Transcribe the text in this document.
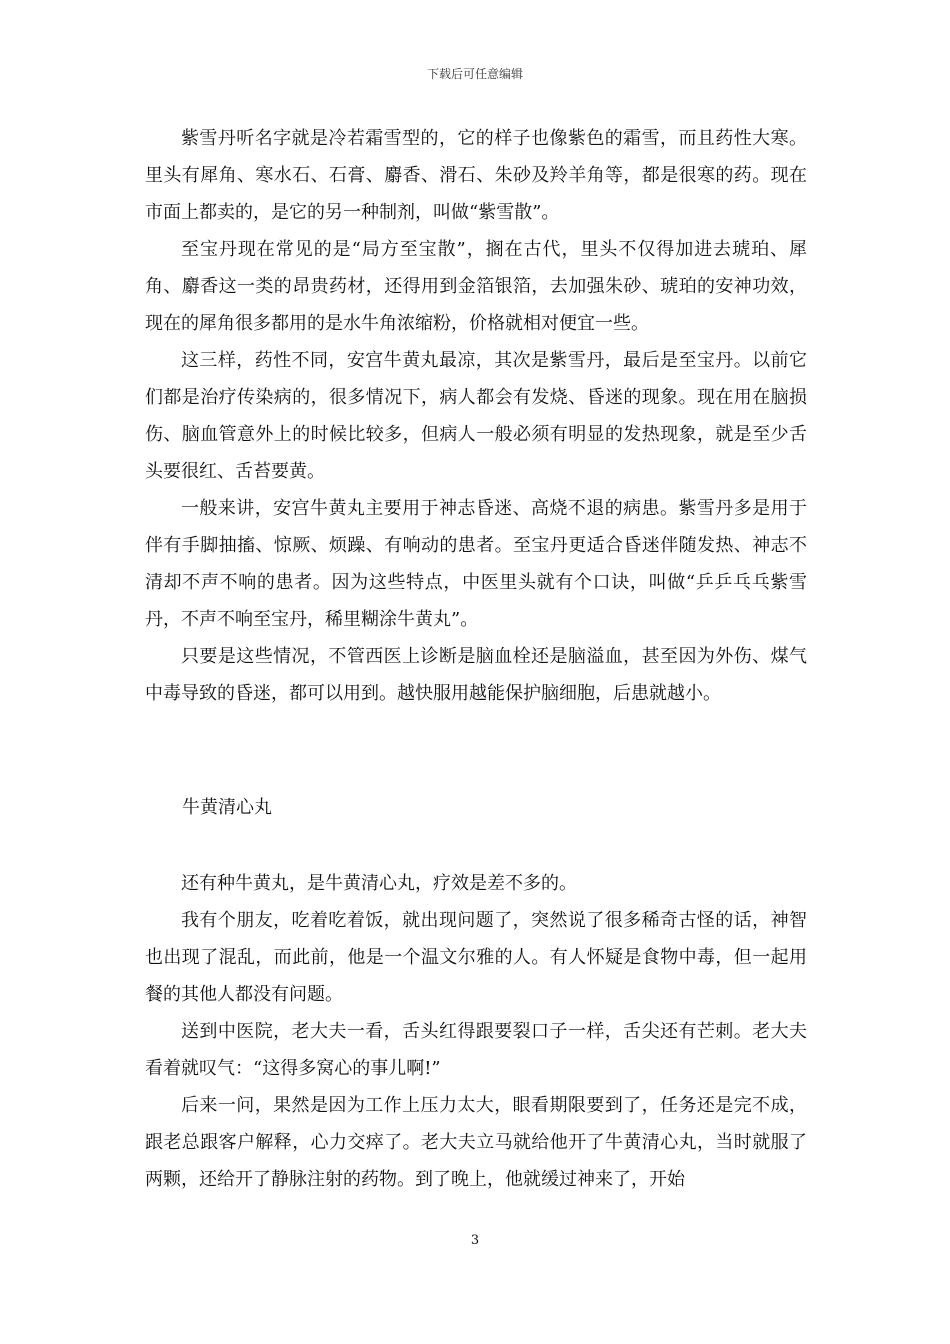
下载后可任意编辑

紫雪丹听名字就是冷若霜雪型的，它的样子也像紫色的霜雪，而且药性大寒。里头有犀角、寒水石、石膏、麝香、滑石、朱砂及羚羊角等，都是很寒的药。现在市面上都卖的，是它的另一种制剂，叫做“紫雪散”。

至宝丹现在常见的是“局方至宝散”，搁在古代，里头不仅得加进去琥珀、犀角、麝香这一类的昂贵药材，还得用到金箔银箔，去加强朱砂、琥珀的安神功效，现在的犀角很多都用的是水牛角浓缩粉，价格就相对便宜一些。

这三样，药性不同，安宫牛黄丸最凉，其次是紫雪丹，最后是至宝丹。以前它们都是治疗传染病的，很多情况下，病人都会有发烧、昏迷的现象。现在用在脑损伤、脑血管意外上的时候比较多，但病人一般必须有明显的发热现象，就是至少舌头要很红、舌苔要黄。

一般来讲，安宫牛黄丸主要用于神志昏迷、高烧不退的病患。紫雪丹多是用于伴有手脚抽搐、惊厥、烦躁、有响动的患者。至宝丹更适合昏迷伴随发热、神志不清却不声不响的患者。因为这些特点，中医里头就有个口诀，叫做“乒乒乓乓紫雪丹，不声不响至宝丹，稀里糊涂牛黄丸”。

只要是这些情况，不管西医上诊断是脑血栓还是脑溢血，甚至因为外伤、煤气中毒导致的昏迷，都可以用到。越快服用越能保护脑细胞，后患就越小。

牛黄清心丸

还有种牛黄丸，是牛黄清心丸，疗效是差不多的。

我有个朋友，吃着吃着饭，就出现问题了，突然说了很多稀奇古怪的话，神智也出现了混乱，而此前，他是一个温文尔雅的人。有人怀疑是食物中毒，但一起用餐的其他人都没有问题。

送到中医院，老大夫一看，舌头红得跟要裂口子一样，舌尖还有芒刺。老大夫看着就叹气：“这得多窝心的事儿啊!”

后来一问，果然是因为工作上压力太大，眼看期限要到了，任务还是完不成，跟老总跟客户解释，心力交瘁了。老大夫立马就给他开了牛黄清心丸，当时就服了两颗，还给开了静脉注射的药物。到了晚上，他就缓过神来了，开始

3
